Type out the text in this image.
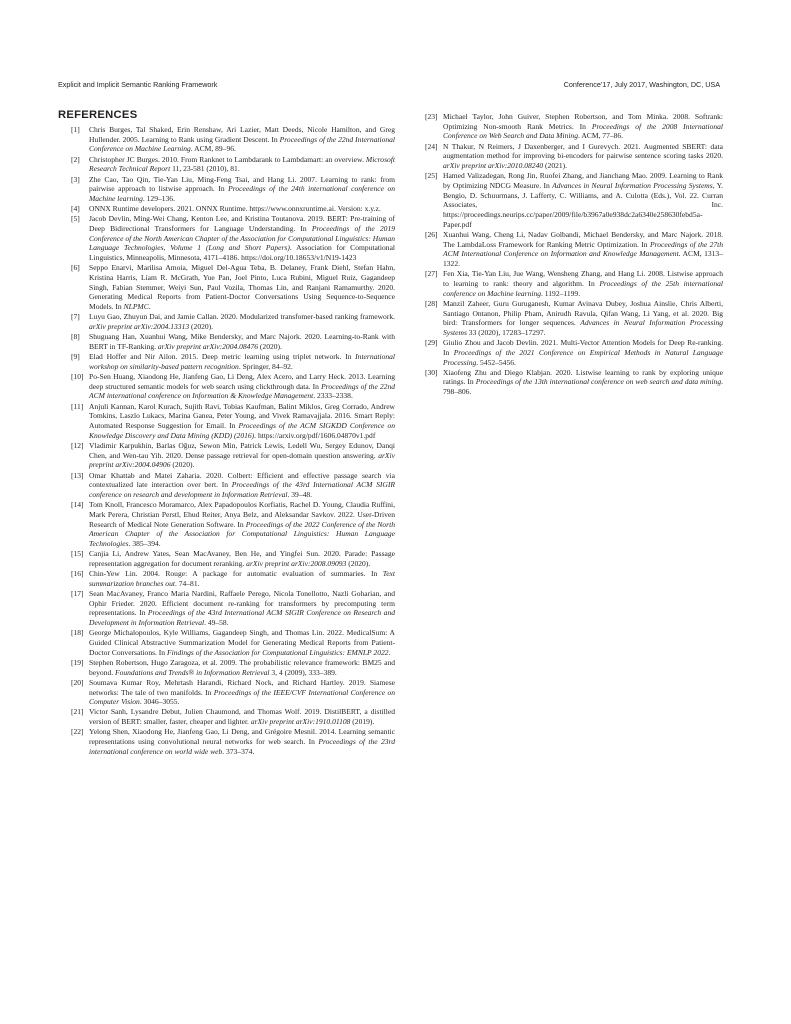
Explicit and Implicit Semantic Ranking Framework	Conference’17, July 2017, Washington, DC, USA
REFERENCES
[1] Chris Burges, Tal Shaked, Erin Renshaw, Ari Lazier, Matt Deeds, Nicole Hamilton, and Greg Hullender. 2005. Learning to Rank using Gradient Descent. In Proceedings of the 22nd International Conference on Machine Learning. ACM, 89–96.
[2] Christopher JC Burges. 2010. From Ranknet to Lambdarank to Lambdamart: an overview. Microsoft Research Technical Report 11, 23-581 (2010), 81.
[3] Zhe Cao, Tao Qin, Tie-Yan Liu, Ming-Feng Tsai, and Hang Li. 2007. Learning to rank: from pairwise approach to listwise approach. In Proceedings of the 24th international conference on Machine learning. 129–136.
[4] ONNX Runtime developers. 2021. ONNX Runtime. https://www.onnxruntime.ai. Version: x.y.z.
[5] Jacob Devlin, Ming-Wei Chang, Kenton Lee, and Kristina Toutanova. 2019. BERT: Pre-training of Deep Bidirectional Transformers for Language Understanding. In Proceedings of the 2019 Conference of the North American Chapter of the Association for Computational Linguistics: Human Language Technologies, Volume 1 (Long and Short Papers). Association for Computational Linguistics, Minneapolis, Minnesota, 4171–4186. https://doi.org/10.18653/v1/N19-1423
[6] Seppo Enarvi, Marilisa Amoia, Miguel Del-Agua Teba, B. Delaney, Frank Diehl, Stefan Hahn, Kristina Harris, Liam R. McGrath, Yue Pan, Joel Pinto, Luca Rubini, Miguel Ruiz, Gagandeep Singh, Fabian Stemmer, Weiyi Sun, Paul Vozila, Thomas Lin, and Ranjani Ramamurthy. 2020. Generating Medical Reports from Patient-Doctor Conversations Using Sequence-to-Sequence Models. In NLPMC.
[7] Luyu Gao, Zhuyun Dai, and Jamie Callan. 2020. Modularized transfomer-based ranking framework. arXiv preprint arXiv:2004.13313 (2020).
[8] Shuguang Han, Xuanhui Wang, Mike Bendersky, and Marc Najork. 2020. Learning-to-Rank with BERT in TF-Ranking. arXiv preprint arXiv:2004.08476 (2020).
[9] Elad Hoffer and Nir Ailon. 2015. Deep metric learning using triplet network. In International workshop on similarity-based pattern recognition. Springer, 84–92.
[10] Po-Sen Huang, Xiaodong He, Jianfeng Gao, Li Deng, Alex Acero, and Larry Heck. 2013. Learning deep structured semantic models for web search using clickthrough data. In Proceedings of the 22nd ACM international conference on Information & Knowledge Management. 2333–2338.
[11] Anjuli Kannan, Karol Kurach, Sujith Ravi, Tobias Kaufman, Balint Miklos, Greg Corrado, Andrew Tomkins, Laszlo Lukacs, Marina Ganea, Peter Young, and Vivek Ramavajjala. 2016. Smart Reply: Automated Response Suggestion for Email. In Proceedings of the ACM SIGKDD Conference on Knowledge Discovery and Data Mining (KDD) (2016). https://arxiv.org/pdf/1606.04870v1.pdf
[12] Vladimir Karpukhin, Barlas Oğuz, Sewon Min, Patrick Lewis, Ledell Wu, Sergey Edunov, Danqi Chen, and Wen-tau Yih. 2020. Dense passage retrieval for open-domain question answering. arXiv preprint arXiv:2004.04906 (2020).
[13] Omar Khattab and Matei Zaharia. 2020. Colbert: Efficient and effective passage search via contextualized late interaction over bert. In Proceedings of the 43rd International ACM SIGIR conference on research and development in Information Retrieval. 39–48.
[14] Tom Knoll, Francesco Moramarco, Alex Papadopoulos Korfiatis, Rachel D. Young, Claudia Ruffini, Mark Perera, Christian Perstl, Ehud Reiter, Anya Belz, and Aleksandar Savkov. 2022. User-Driven Research of Medical Note Generation Software. In Proceedings of the 2022 Conference of the North American Chapter of the Association for Computational Linguistics: Human Language Technologies. 385–394.
[15] Canjia Li, Andrew Yates, Sean MacAvaney, Ben He, and Yingfei Sun. 2020. Parade: Passage representation aggregation for document reranking. arXiv preprint arXiv:2008.09093 (2020).
[16] Chin-Yew Lin. 2004. Rouge: A package for automatic evaluation of summaries. In Text summarization branches out. 74–81.
[17] Sean MacAvaney, Franco Maria Nardini, Raffaele Perego, Nicola Tonellotto, Nazli Goharian, and Ophir Frieder. 2020. Efficient document re-ranking for transformers by precomputing term representations. In Proceedings of the 43rd International ACM SIGIR Conference on Research and Development in Information Retrieval. 49–58.
[18] George Michalopoulos, Kyle Williams, Gagandeep Singh, and Thomas Lin. 2022. MedicalSum: A Guided Clinical Abstractive Summarization Model for Generating Medical Reports from Patient-Doctor Conversations. In Findings of the Association for Computational Linguistics: EMNLP 2022.
[19] Stephen Robertson, Hugo Zaragoza, et al. 2009. The probabilistic relevance framework: BM25 and beyond. Foundations and Trends® in Information Retrieval 3, 4 (2009), 333–389.
[20] Soumava Kumar Roy, Mehrtash Harandi, Richard Nock, and Richard Hartley. 2019. Siamese networks: The tale of two manifolds. In Proceedings of the IEEE/CVF International Conference on Computer Vision. 3046–3055.
[21] Victor Sanh, Lysandre Debut, Julien Chaumond, and Thomas Wolf. 2019. DistilBERT, a distilled version of BERT: smaller, faster, cheaper and lighter. arXiv preprint arXiv:1910.01108 (2019).
[22] Yelong Shen, Xiaodong He, Jianfeng Gao, Li Deng, and Grégoire Mesnil. 2014. Learning semantic representations using convolutional neural networks for web search. In Proceedings of the 23rd international conference on world wide web. 373–374.
[23] Michael Taylor, John Guiver, Stephen Robertson, and Tom Minka. 2008. Softrank: Optimizing Non-smooth Rank Metrics. In Proceedings of the 2008 International Conference on Web Search and Data Mining. ACM, 77–86.
[24] N Thakur, N Reimers, J Daxenberger, and I Gurevych. 2021. Augmented SBERT: data augmentation method for improving bi-encoders for pairwise sentence scoring tasks 2020. arXiv preprint arXiv:2010.08240 (2021).
[25] Hamed Valizadegan, Rong Jin, Ruofei Zhang, and Jianchang Mao. 2009. Learning to Rank by Optimizing NDCG Measure. In Advances in Neural Information Processing Systems, Y. Bengio, D. Schuurmans, J. Lafferty, C. Williams, and A. Culotta (Eds.), Vol. 22. Curran Associates, Inc. https://proceedings.neurips.cc/paper/2009/file/b3967a0e938dc2a6340e258630febd5a-Paper.pdf
[26] Xuanhui Wang, Cheng Li, Nadav Golbandi, Michael Bendersky, and Marc Najork. 2018. The LambdaLoss Framework for Ranking Metric Optimization. In Proceedings of the 27th ACM International Conference on Information and Knowledge Management. ACM, 1313–1322.
[27] Fen Xia, Tie-Yan Liu, Jue Wang, Wensheng Zhang, and Hang Li. 2008. Listwise approach to learning to rank: theory and algorithm. In Proceedings of the 25th international conference on Machine learning. 1192–1199.
[28] Manzil Zaheer, Guru Guruganesh, Kumar Avinava Dubey, Joshua Ainslie, Chris Alberti, Santiago Ontanon, Philip Pham, Anirudh Ravula, Qifan Wang, Li Yang, et al. 2020. Big bird: Transformers for longer sequences. Advances in Neural Information Processing Systems 33 (2020), 17283–17297.
[29] Giulio Zhou and Jacob Devlin. 2021. Multi-Vector Attention Models for Deep Re-ranking. In Proceedings of the 2021 Conference on Empirical Methods in Natural Language Processing. 5452–5456.
[30] Xiaofeng Zhu and Diego Klabjan. 2020. Listwise learning to rank by exploring unique ratings. In Proceedings of the 13th international conference on web search and data mining. 798–806.
